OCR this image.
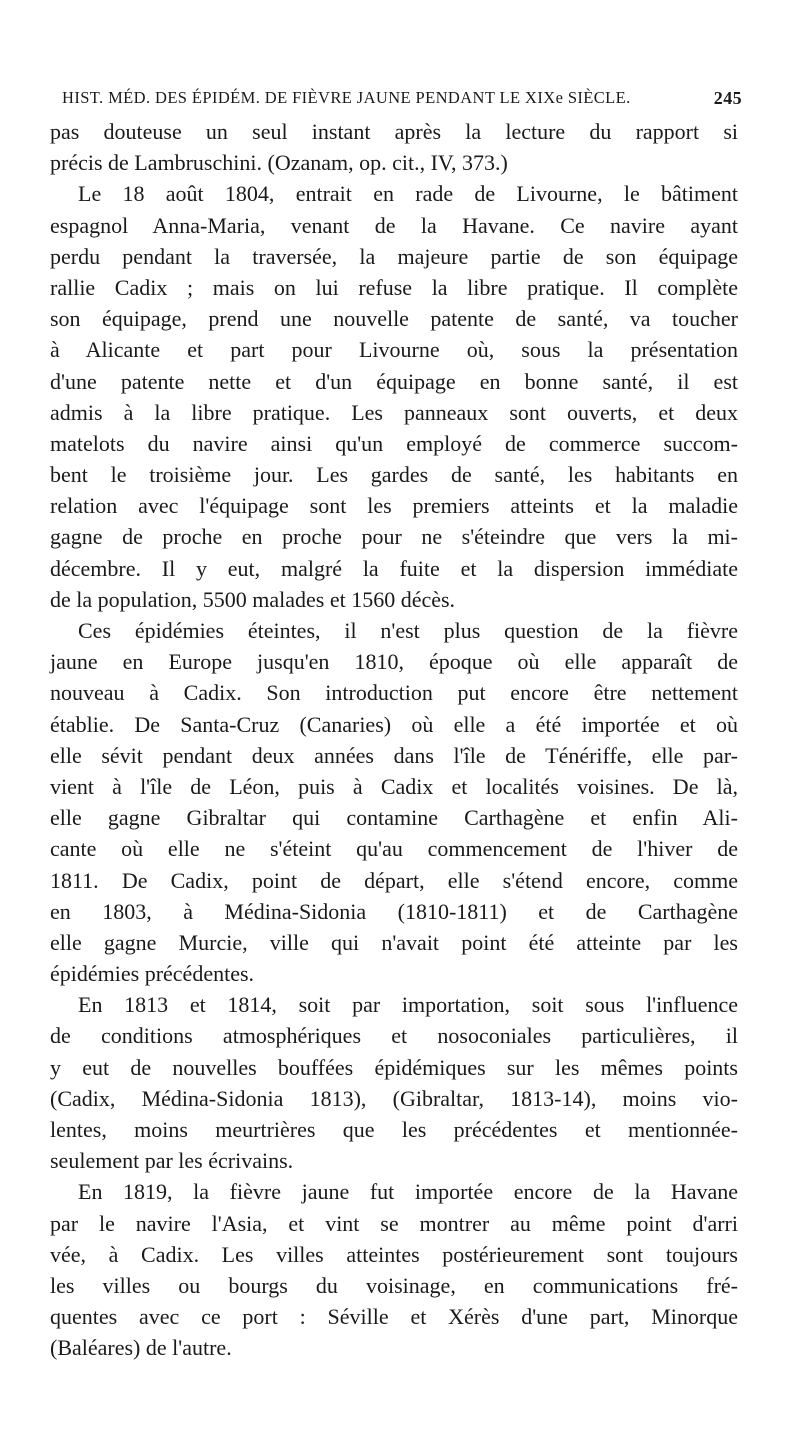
HIST. MÉD. DES ÉPIDÉM. DE FIÈVRE JAUNE PENDANT LE XIXe SIÈCLE.	245
pas douteuse un seul instant après la lecture du rapport si
précis de Lambruschini. (Ozanam, op. cit., IV, 373.)
Le 18 août 1804, entrait en rade de Livourne, le bâtiment
espagnol Anna-Maria, venant de la Havane. Ce navire ayant
perdu pendant la traversée, la majeure partie de son équipage
rallie Cadix ; mais on lui refuse la libre pratique. Il complète
son équipage, prend une nouvelle patente de santé, va toucher
à Alicante et part pour Livourne où, sous la présentation
d'une patente nette et d'un équipage en bonne santé, il est
admis à la libre pratique. Les panneaux sont ouverts, et deux
matelots du navire ainsi qu'un employé de commerce succom-
bent le troisième jour. Les gardes de santé, les habitants en
relation avec l'équipage sont les premiers atteints et la maladie
gagne de proche en proche pour ne s'éteindre que vers la mi-
décembre. Il y eut, malgré la fuite et la dispersion immédiate
de la population, 5500 malades et 1560 décès.
Ces épidémies éteintes, il n'est plus question de la fièvre
jaune en Europe jusqu'en 1810, époque où elle apparaît de
nouveau à Cadix. Son introduction put encore être nettement
établie. De Santa-Cruz (Canaries) où elle a été importée et où
elle sévit pendant deux années dans l'île de Ténériffe, elle par-
vient à l'île de Léon, puis à Cadix et localités voisines. De là,
elle gagne Gibraltar qui contamine Carthagène et enfin Ali-
cante où elle ne s'éteint qu'au commencement de l'hiver de
1811. De Cadix, point de départ, elle s'étend encore, comme
en 1803, à Médina-Sidonia (1810-1811) et de Carthagène
elle gagne Murcie, ville qui n'avait point été atteinte par les
épidémies précédentes.
En 1813 et 1814, soit par importation, soit sous l'influence
de conditions atmosphériques et nosoconiales particulières, il
y eut de nouvelles bouffées épidémiques sur les mêmes points
(Cadix, Médina-Sidonia 1813), (Gibraltar, 1813-14), moins vio-
lentes, moins meurtrières que les précédentes et mentionnée-
seulement par les écrivains.
En 1819, la fièvre jaune fut importée encore de la Havane
par le navire l'Asia, et vint se montrer au même point d'arri
vée, à Cadix. Les villes atteintes postérieurement sont toujours
les villes ou bourgs du voisinage, en communications fré-
quentes avec ce port : Séville et Xérès d'une part, Minorque
(Baléares) de l'autre.
